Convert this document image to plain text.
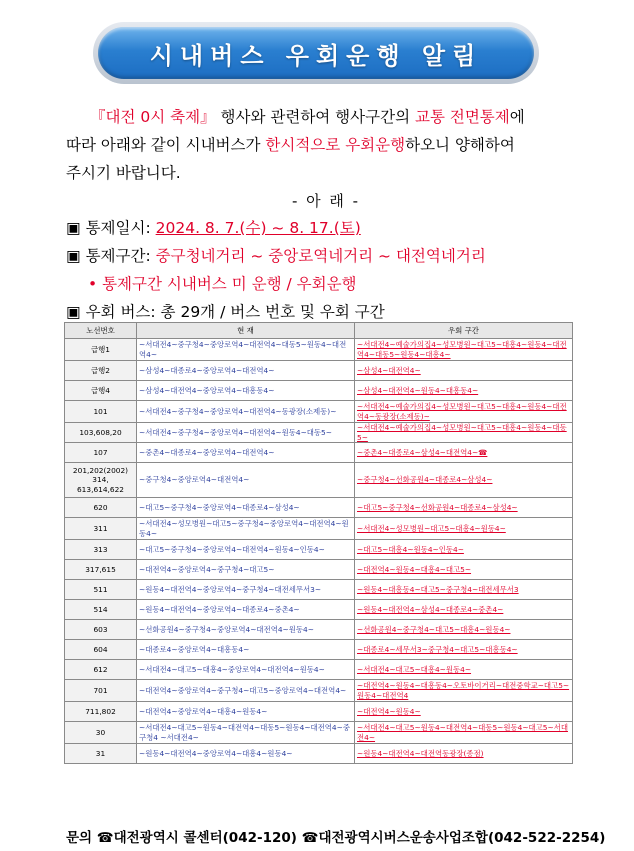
시내버스 우회운행 알림
『대전 0시 축제』 행사와 관련하여 행사구간의 교통 전면통제에
따라 아래와 같이 시내버스가 한시적으로 우회운행하오니 양해하여
주시기 바랍니다.
- 아 래 -
▣ 통제일시: 2024. 8. 7.(수) ~ 8. 17.(토)
▣ 통제구간: 중구청네거리 ~ 중앙로역네거리 ~ 대전역네거리
• 통제구간 시내버스 미 운행 / 우회운행
▣ 우회 버스: 총 29개 / 버스 번호 및 우회 구간
노선번호	현 재	우회 구간
급행1	~서대전4~중구청4~중앙로역4~대전역4~대동5~원동4~대전역4~	~서대전4~예술가의집4~성모병원~대고5~대흥4~원동4~대전역4~대동5~원동4~대흥4~
급행2	~삼성4~대종로4~중앙로역4~대전역4~	~삼성4~대전역4~
급행4	~삼성4~대전역4~중앙로역4~대흥동4~	~삼성4~대전역4~원동4~대흥동4~
101	~서대전4~중구청4~중앙로역4~대전역4~동광장(소제동)~	~서대전4~예술가의집4~성모병원~대고5~대흥4~원동4~대전역4~동광장(소제동)~
103,608,20	~서대전4~중구청4~중앙로역4~대전역4~원동4~대동5~	~서대전4~예술가의집4~성모병원~대고5~대흥4~원동4~대동5~
107	~중촌4~대종로4~중앙로역4~대전역4~	~중촌4~대종로4~삼성4~대전역4~☎
201,202(2002)
314,
613,614,622	~중구청4~중앙로역4~대전역4~	~중구청4~선화공원4~대종로4~삼성4~
620	~대고5~중구청4~중앙로역4~대종로4~삼성4~	~대고5~중구청4~선화공원4~대종로4~삼성4~
311	~서대전4~성모병원~대고5~중구청4~중앙로역4~대전역4~원동4~	~서대전4~성모병원~대고5~대흥4~원동4~
313	~대고5~중구청4~중앙로역4~대전역4~원동4~인동4~	~대고5~대흥4~원동4~인동4~
317,615	~대전역4~중앙로역4~중구청4~대고5~	~대전역4~원동4~대흥4~대고5~
511	~원동4~대전역4~중앙로역4~중구청4~대전세무서3~	~원동4~대흥동4~대고5~중구청4~대전세무서3
514	~원동4~대전역4~중앙로역4~대종로4~중촌4~	~원동4~대전역4~삼성4~대종로4~중촌4~
603	~선화공원4~중구청4~중앙로역4~대전역4~원동4~	~선화공원4~중구청4~대고5~대흥4~원동4~
604	~대종로4~중앙로역4~대흥동4~	~대종로4~세무서3~중구청4~대고5~대흥동4~
612	~서대전4~대고5~대흥4~중앙로역4~대전역4~원동4~	~서대전4~대고5~대흥4~원동4~
701	~대전역4~중앙로역4~중구청4~대고5~중앙로역4~대전역4~	~대전역4~원동4~대흥동4~오토바이거리~대전중학교~대고5~원동4~대전역4
711,802	~대전역4~중앙로역4~대흥4~원동4~	~대전역4~원동4~
30	~서대전4~대고5~원동4~대전역4~대동5~원동4~대전역4~중구청4 ~서대전4~	~서대전4~대고5~원동4~대전역4~대동5~원동4~대고5~서대전4~
31	~원동4~대전역4~중앙로역4~대흥4~원동4~	~원동4~대전역4~대전역동광장(종점)
문의 ☎대전광역시 콜센터(042-120) ☎대전광역시버스운송사업조합(042-522-2254)
